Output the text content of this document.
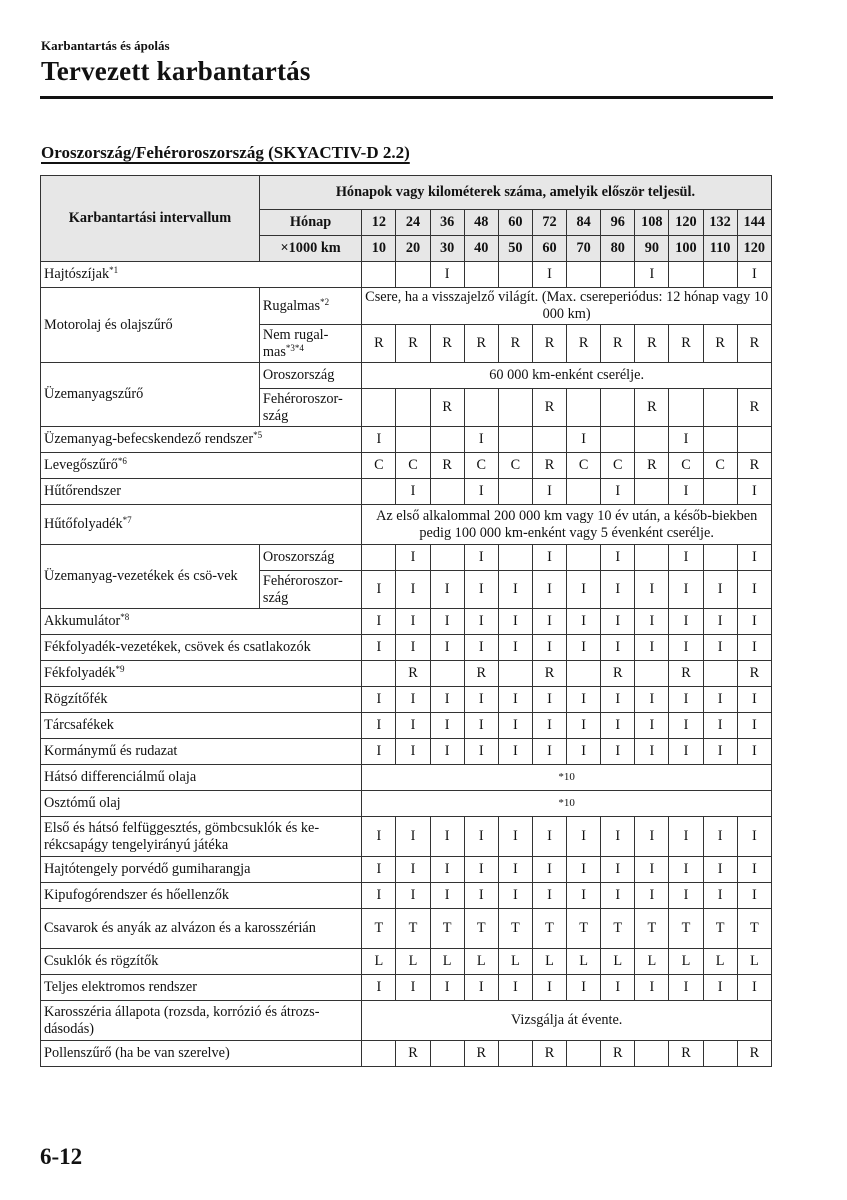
Karbantartás és ápolás
Tervezett karbantartás
Oroszország/Fehéroroszország (SKYACTIV-D 2.2)
Karbantartási intervallum	Hónapok vagy kilométerek száma, amelyik először teljesül.												
	Hónap	12	24	36	48	60	72	84	96	108	120	132	144
	×1000 km	10	20	30	40	50	60	70	80	90	100	110	120
Hajtószíjak$^{*1}$				I			I			I			I
Motorolaj és olajszűrő	Rugalmas$^{*2}$	Csere, ha a visszajelző világít. (Max. csereperiódus: 12 hónap vagy 10 000 km)											
	Nem rugal-mas$^{*3*4}$	R	R	R	R	R	R	R	R	R	R	R	R
Üzemanyagszűrő	Oroszország	60 000 km-enként cserélje.											
	Fehéroroszor-szág			R			R			R			R
Üzemanyag-befecskendező rendszer$^{*5}$		I			I			I			I		
Levegőszűrő$^{*6}$		C	C	R	C	C	R	C	C	R	C	C	R
Hűtőrendszer			I		I		I		I		I		I
Hűtőfolyadék$^{*7}$		Az első alkalommal 200 000 km vagy 10 év után, a későb-biekben pedig 100 000 km-enként vagy 5 évenként cserélje.											
Üzemanyag-vezetékek és csö-vek	Oroszország		I		I		I		I		I		I
	Fehéroroszor-szág	I	I	I	I	I	I	I	I	I	I	I	I
Akkumulátor$^{*8}$		I	I	I	I	I	I	I	I	I	I	I	I
Fékfolyadék-vezetékek, csövek és csatlakozók		I	I	I	I	I	I	I	I	I	I	I	I
Fékfolyadék$^{*9}$			R		R		R		R		R		R
Rögzítőfék		I	I	I	I	I	I	I	I	I	I	I	I
Tárcsafékek		I	I	I	I	I	I	I	I	I	I	I	I
Kormánymű és rudazat		I	I	I	I	I	I	I	I	I	I	I	I
Hátsó differenciálmű olaja		*10											
Osztómű olaj		*10											
Első és hátsó felfüggesztés, gömbcsuklók és ke-rékcsapágy tengelyirányú játéka		I	I	I	I	I	I	I	I	I	I	I	I
Hajtótengely porvédő gumiharangja		I	I	I	I	I	I	I	I	I	I	I	I
Kipufogórendszer és hőellenzők		I	I	I	I	I	I	I	I	I	I	I	I
Csavarok és anyák az alvázon és a karosszérián		T	T	T	T	T	T	T	T	T	T	T	T
Csuklók és rögzítők		L	L	L	L	L	L	L	L	L	L	L	L
Teljes elektromos rendszer		I	I	I	I	I	I	I	I	I	I	I	I
Karosszéria állapota (rozsda, korrózió és átrozs-dásodás)		Vizsgálja át évente.											
Pollenszűrő (ha be van szerelve)			R		R		R		R		R		R
6-12
